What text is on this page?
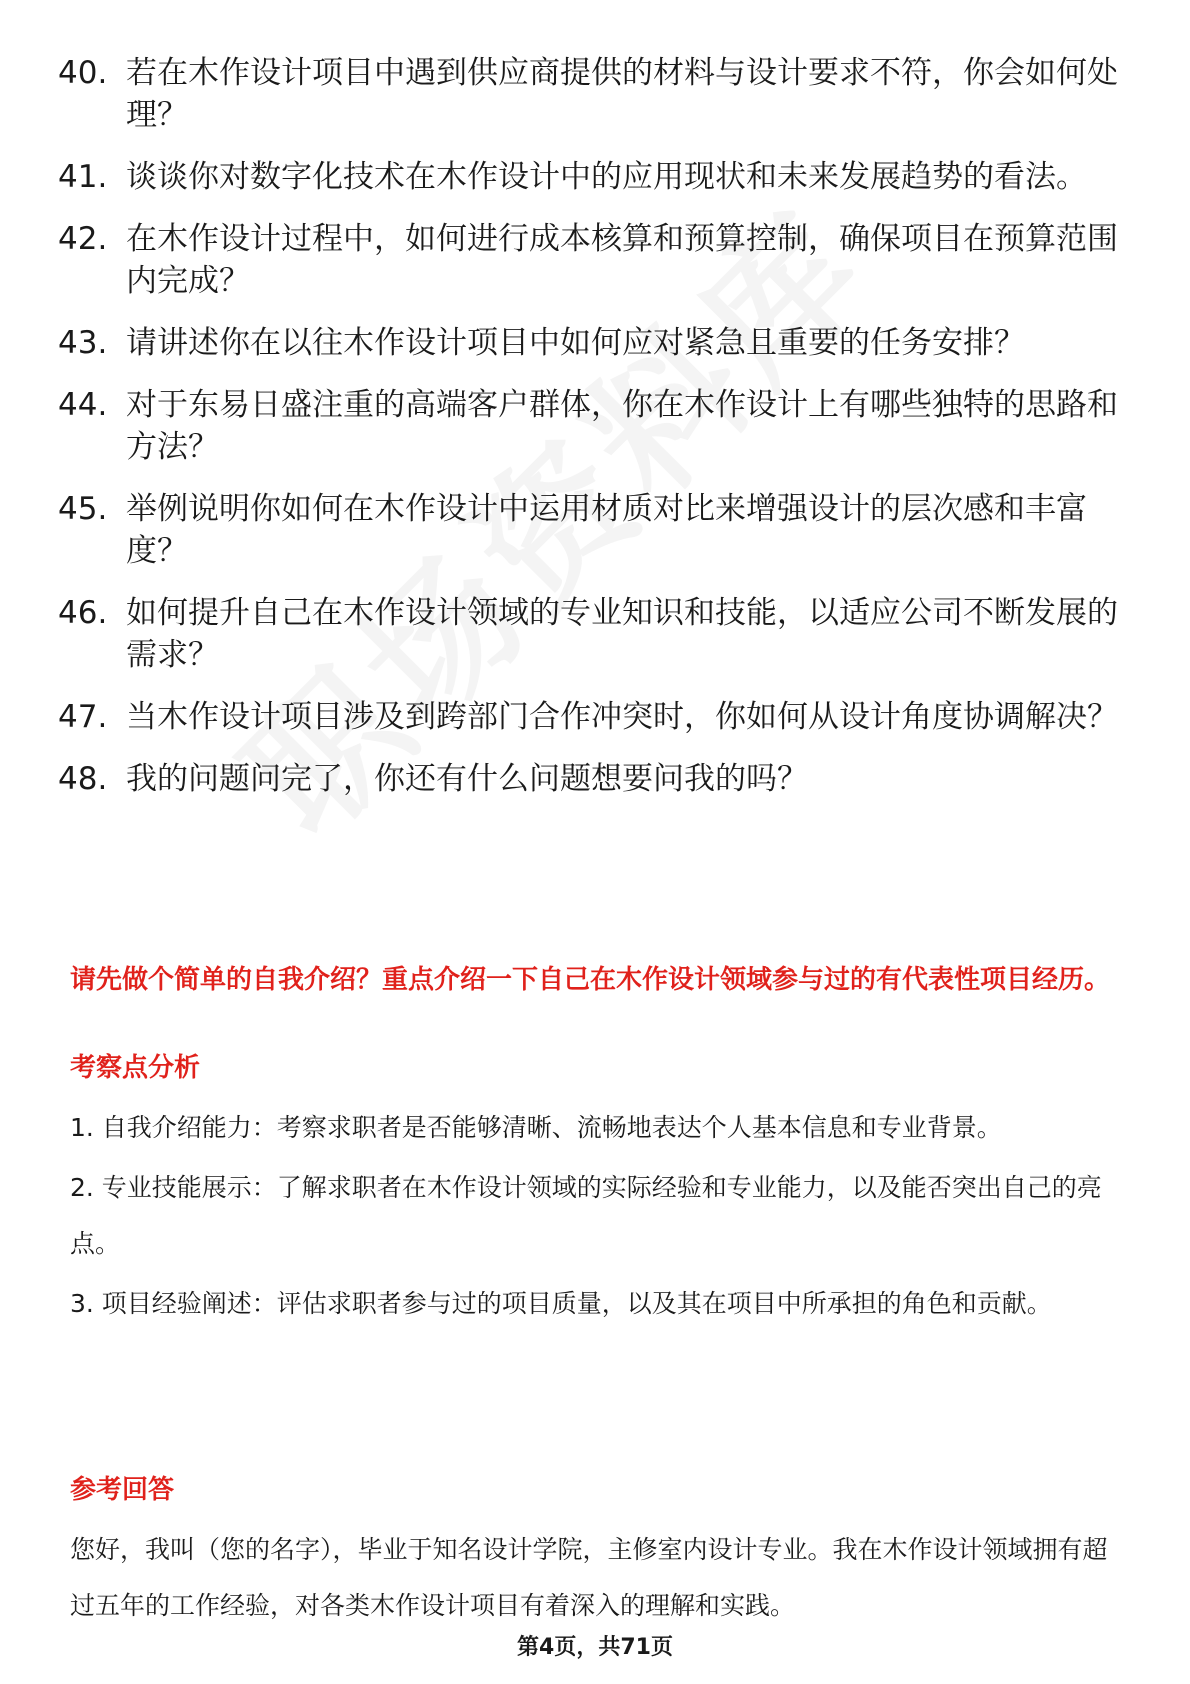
40. 若在木作设计项目中遇到供应商提供的材料与设计要求不符，你会如何处理？
41. 谈谈你对数字化技术在木作设计中的应用现状和未来发展趋势的看法。
42. 在木作设计过程中，如何进行成本核算和预算控制，确保项目在预算范围内完成？
43. 请讲述你在以往木作设计项目中如何应对紧急且重要的任务安排？
44. 对于东易日盛注重的高端客户群体，你在木作设计上有哪些独特的思路和方法？
45. 举例说明你如何在木作设计中运用材质对比来增强设计的层次感和丰富度？
46. 如何提升自己在木作设计领域的专业知识和技能，以适应公司不断发展的需求？
47. 当木作设计项目涉及到跨部门合作冲突时，你如何从设计角度协调解决？
48. 我的问题问完了，你还有什么问题想要问我的吗？
请先做个简单的自我介绍？重点介绍一下自己在木作设计领域参与过的有代表性项目经历。
考察点分析

1. 自我介绍能力：考察求职者是否能够清晰、流畅地表达个人基本信息和专业背景。

2. 专业技能展示：了解求职者在木作设计领域的实际经验和专业能力，以及能否突出自己的亮点。

3. 项目经验阐述：评估求职者参与过的项目质量，以及其在项目中所承担的角色和贡献。

参考回答

您好，我叫（您的名字），毕业于知名设计学院，主修室内设计专业。我在木作设计领域拥有超过五年的工作经验，对各类木作设计项目有着深入的理解和实践。

第4页，共71页
